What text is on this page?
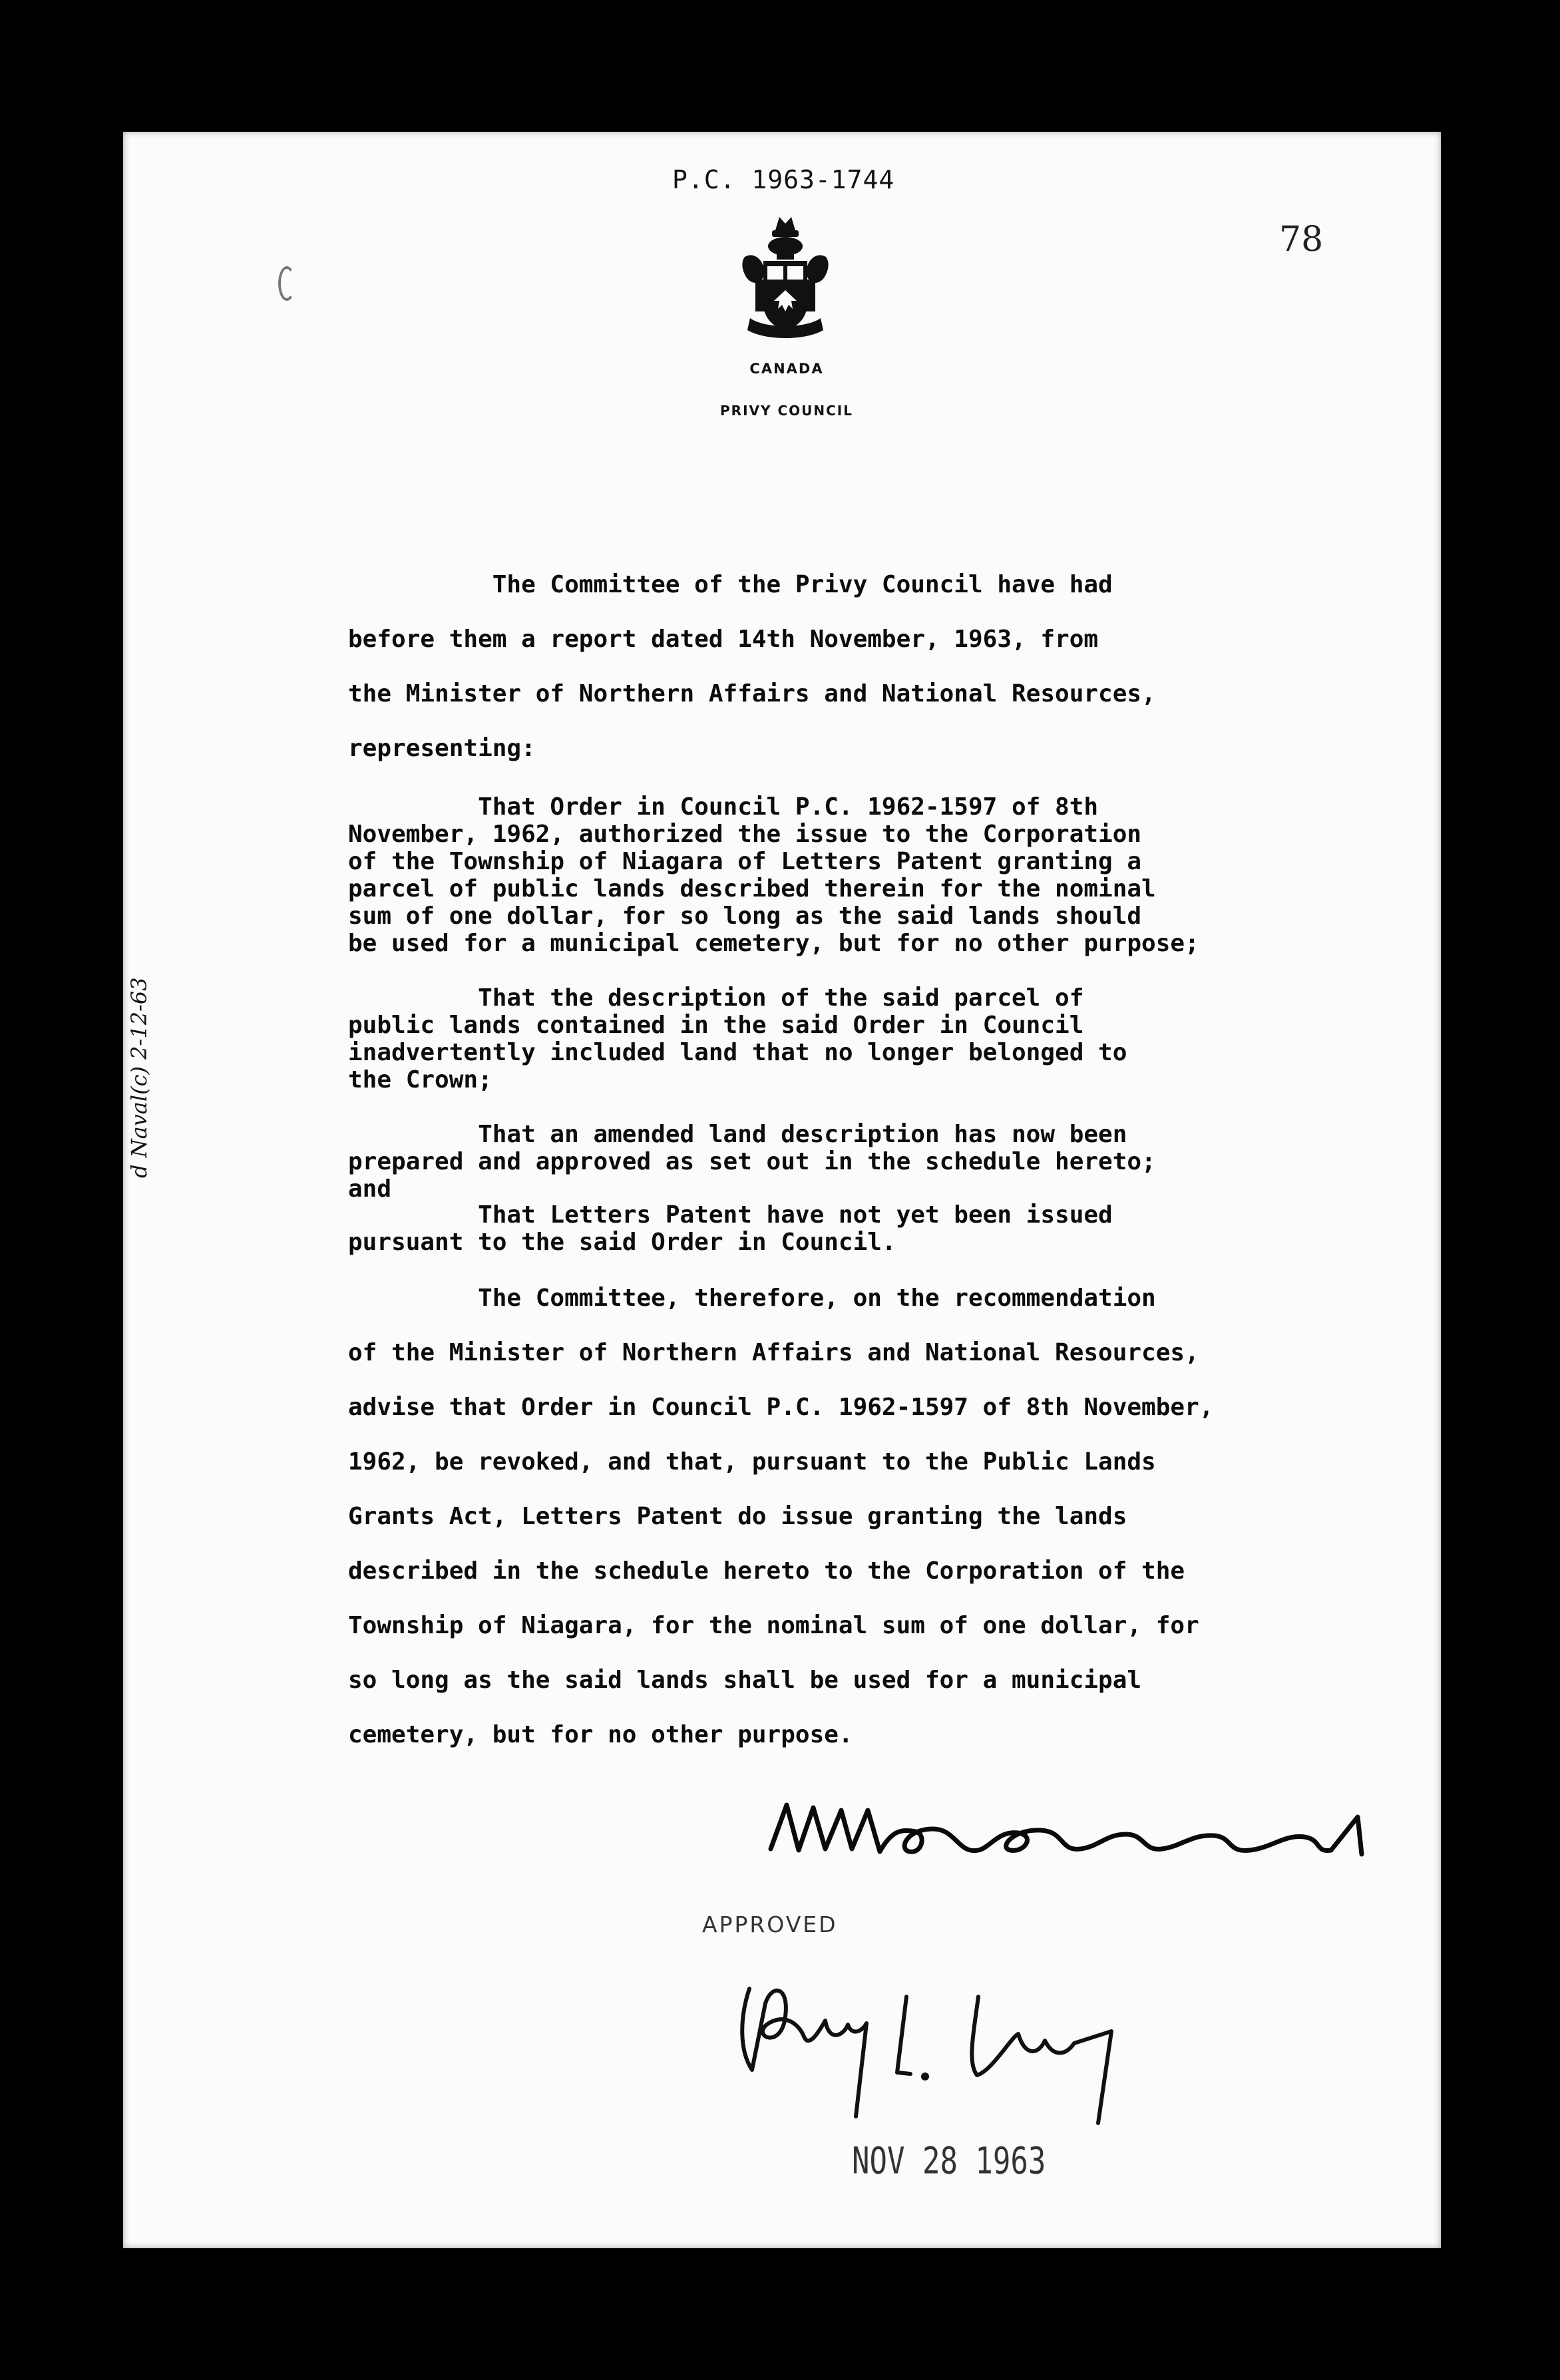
P.C. 1963-1744
78
CANADA
PRIVY COUNCIL
The Committee of the Privy Council have had
before them a report dated 14th November, 1963, from
the Minister of Northern Affairs and National Resources,
representing:
That Order in Council P.C. 1962-1597 of 8th
November, 1962, authorized the issue to the Corporation
of the Township of Niagara of Letters Patent granting a
parcel of public lands described therein for the nominal
sum of one dollar, for so long as the said lands should
be used for a municipal cemetery, but for no other purpose;
That the description of the said parcel of
public lands contained in the said Order in Council
inadvertently included land that no longer belonged to
the Crown;
That an amended land description has now been
prepared and approved as set out in the schedule hereto;
and
That Letters Patent have not yet been issued
pursuant to the said Order in Council.
The Committee, therefore, on the recommendation
of the Minister of Northern Affairs and National Resources,
advise that Order in Council P.C. 1962-1597 of 8th November,
1962, be revoked, and that, pursuant to the Public Lands
Grants Act, Letters Patent do issue granting the lands
described in the schedule hereto to the Corporation of the
Township of Niagara, for the nominal sum of one dollar, for
so long as the said lands shall be used for a municipal
cemetery, but for no other purpose.
APPROVED
NOV 28 1963
d Naval(c) 2-12-63
